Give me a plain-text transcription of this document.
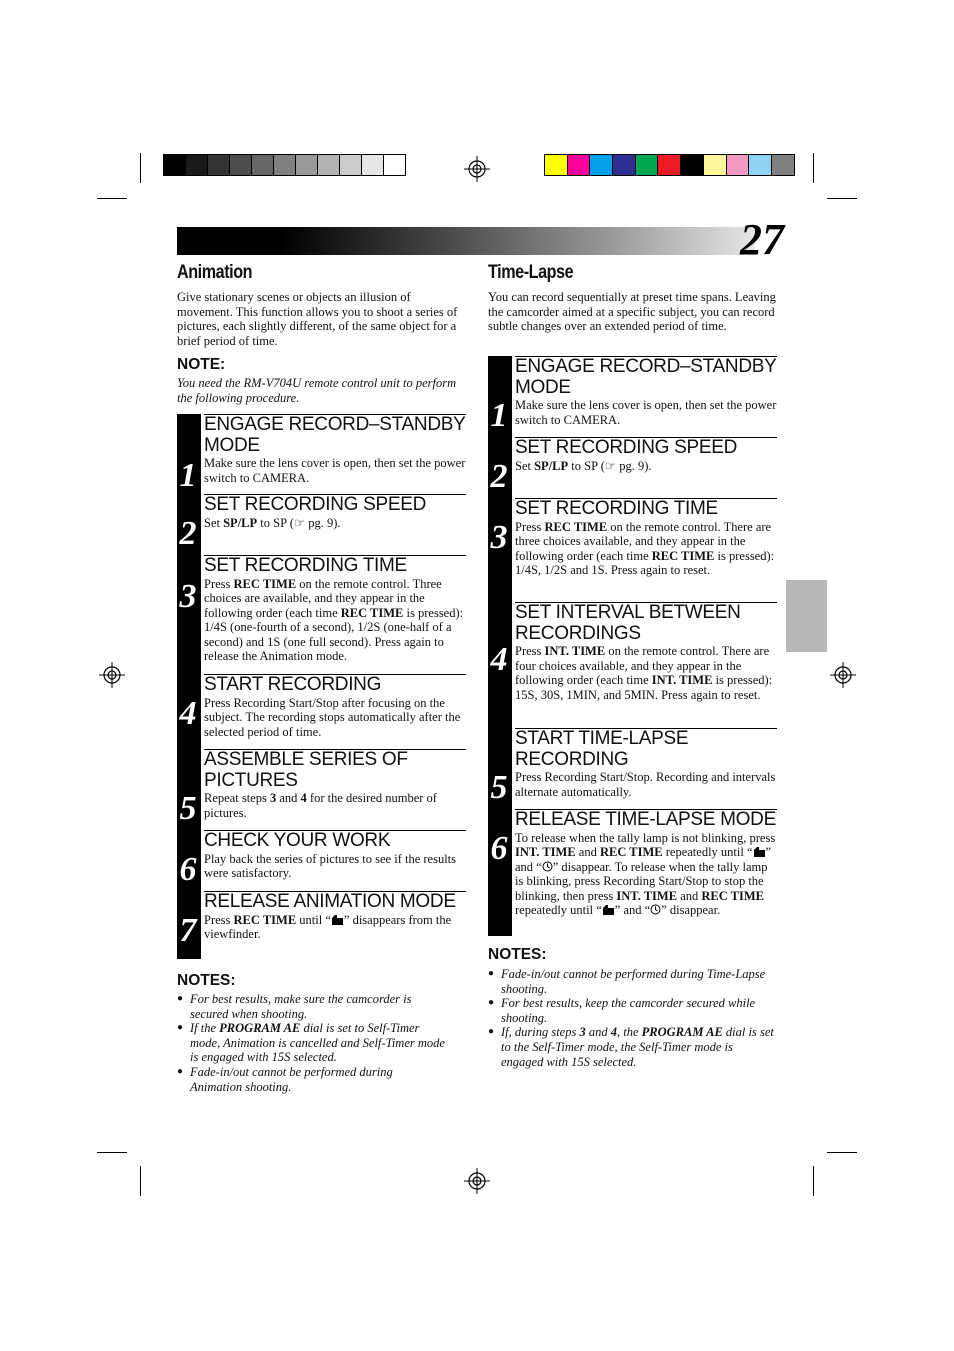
27
Animation
Give stationary scenes or objects an illusion of movement. This function allows you to shoot a series of pictures, each slightly different, of the same object for a brief period of time.
NOTE:
You need the RM-V704U remote control unit to perform the following procedure.
1
ENGAGE RECORD–STANDBY MODE
Make sure the lens cover is open, then set the power switch to CAMERA.
2
SET RECORDING SPEED
Set SP/LP to SP (☞ pg. 9).
3
SET RECORDING TIME
Press REC TIME on the remote control. Three choices are available, and they appear in the following order (each time REC TIME is pressed): 1/4S (one-fourth of a second), 1/2S (one-half of a second) and 1S (one full second). Press again to release the Animation mode.
4
START RECORDING
Press Recording Start/Stop after focusing on the subject. The recording stops automatically after the selected period of time.
5
ASSEMBLE SERIES OF PICTURES
Repeat steps 3 and 4 for the desired number of pictures.
6
CHECK YOUR WORK
Play back the series of pictures to see if the results were satisfactory.
7
RELEASE ANIMATION MODE
Press REC TIME until “ ” disappears from the viewfinder.
NOTES:
● For best results, make sure the camcorder is secured when shooting.
● If the PROGRAM AE dial is set to Self-Timer mode, Animation is cancelled and Self-Timer mode is engaged with 15S selected.
● Fade-in/out cannot be performed during Animation shooting.
Time-Lapse
You can record sequentially at preset time spans. Leaving the camcorder aimed at a specific subject, you can record subtle changes over an extended period of time.
1
ENGAGE RECORD–STANDBY MODE
Make sure the lens cover is open, then set the power switch to CAMERA.
2
SET RECORDING SPEED
Set SP/LP to SP (☞ pg. 9).
3
SET RECORDING TIME
Press REC TIME on the remote control. There are three choices available, and they appear in the following order (each time REC TIME is pressed): 1/4S, 1/2S and 1S. Press again to reset.
4
SET INTERVAL BETWEEN RECORDINGS
Press INT. TIME on the remote control. There are four choices available, and they appear in the following order (each time INT. TIME is pressed): 15S, 30S, 1MIN, and 5MIN. Press again to reset.
5
START TIME-LAPSE RECORDING
Press Recording Start/Stop. Recording and intervals alternate automatically.
6
RELEASE TIME-LAPSE MODE
To release when the tally lamp is not blinking, press INT. TIME and REC TIME repeatedly until “ ” and “ ” disappear. To release when the tally lamp is blinking, press Recording Start/Stop to stop the blinking, then press INT. TIME and REC TIME repeatedly until “ ” and “ ” disappear.
NOTES:
● Fade-in/out cannot be performed during Time-Lapse shooting.
● For best results, keep the camcorder secured while shooting.
● If, during steps 3 and 4, the PROGRAM AE dial is set to the Self-Timer mode, the Self-Timer mode is engaged with 15S selected.
